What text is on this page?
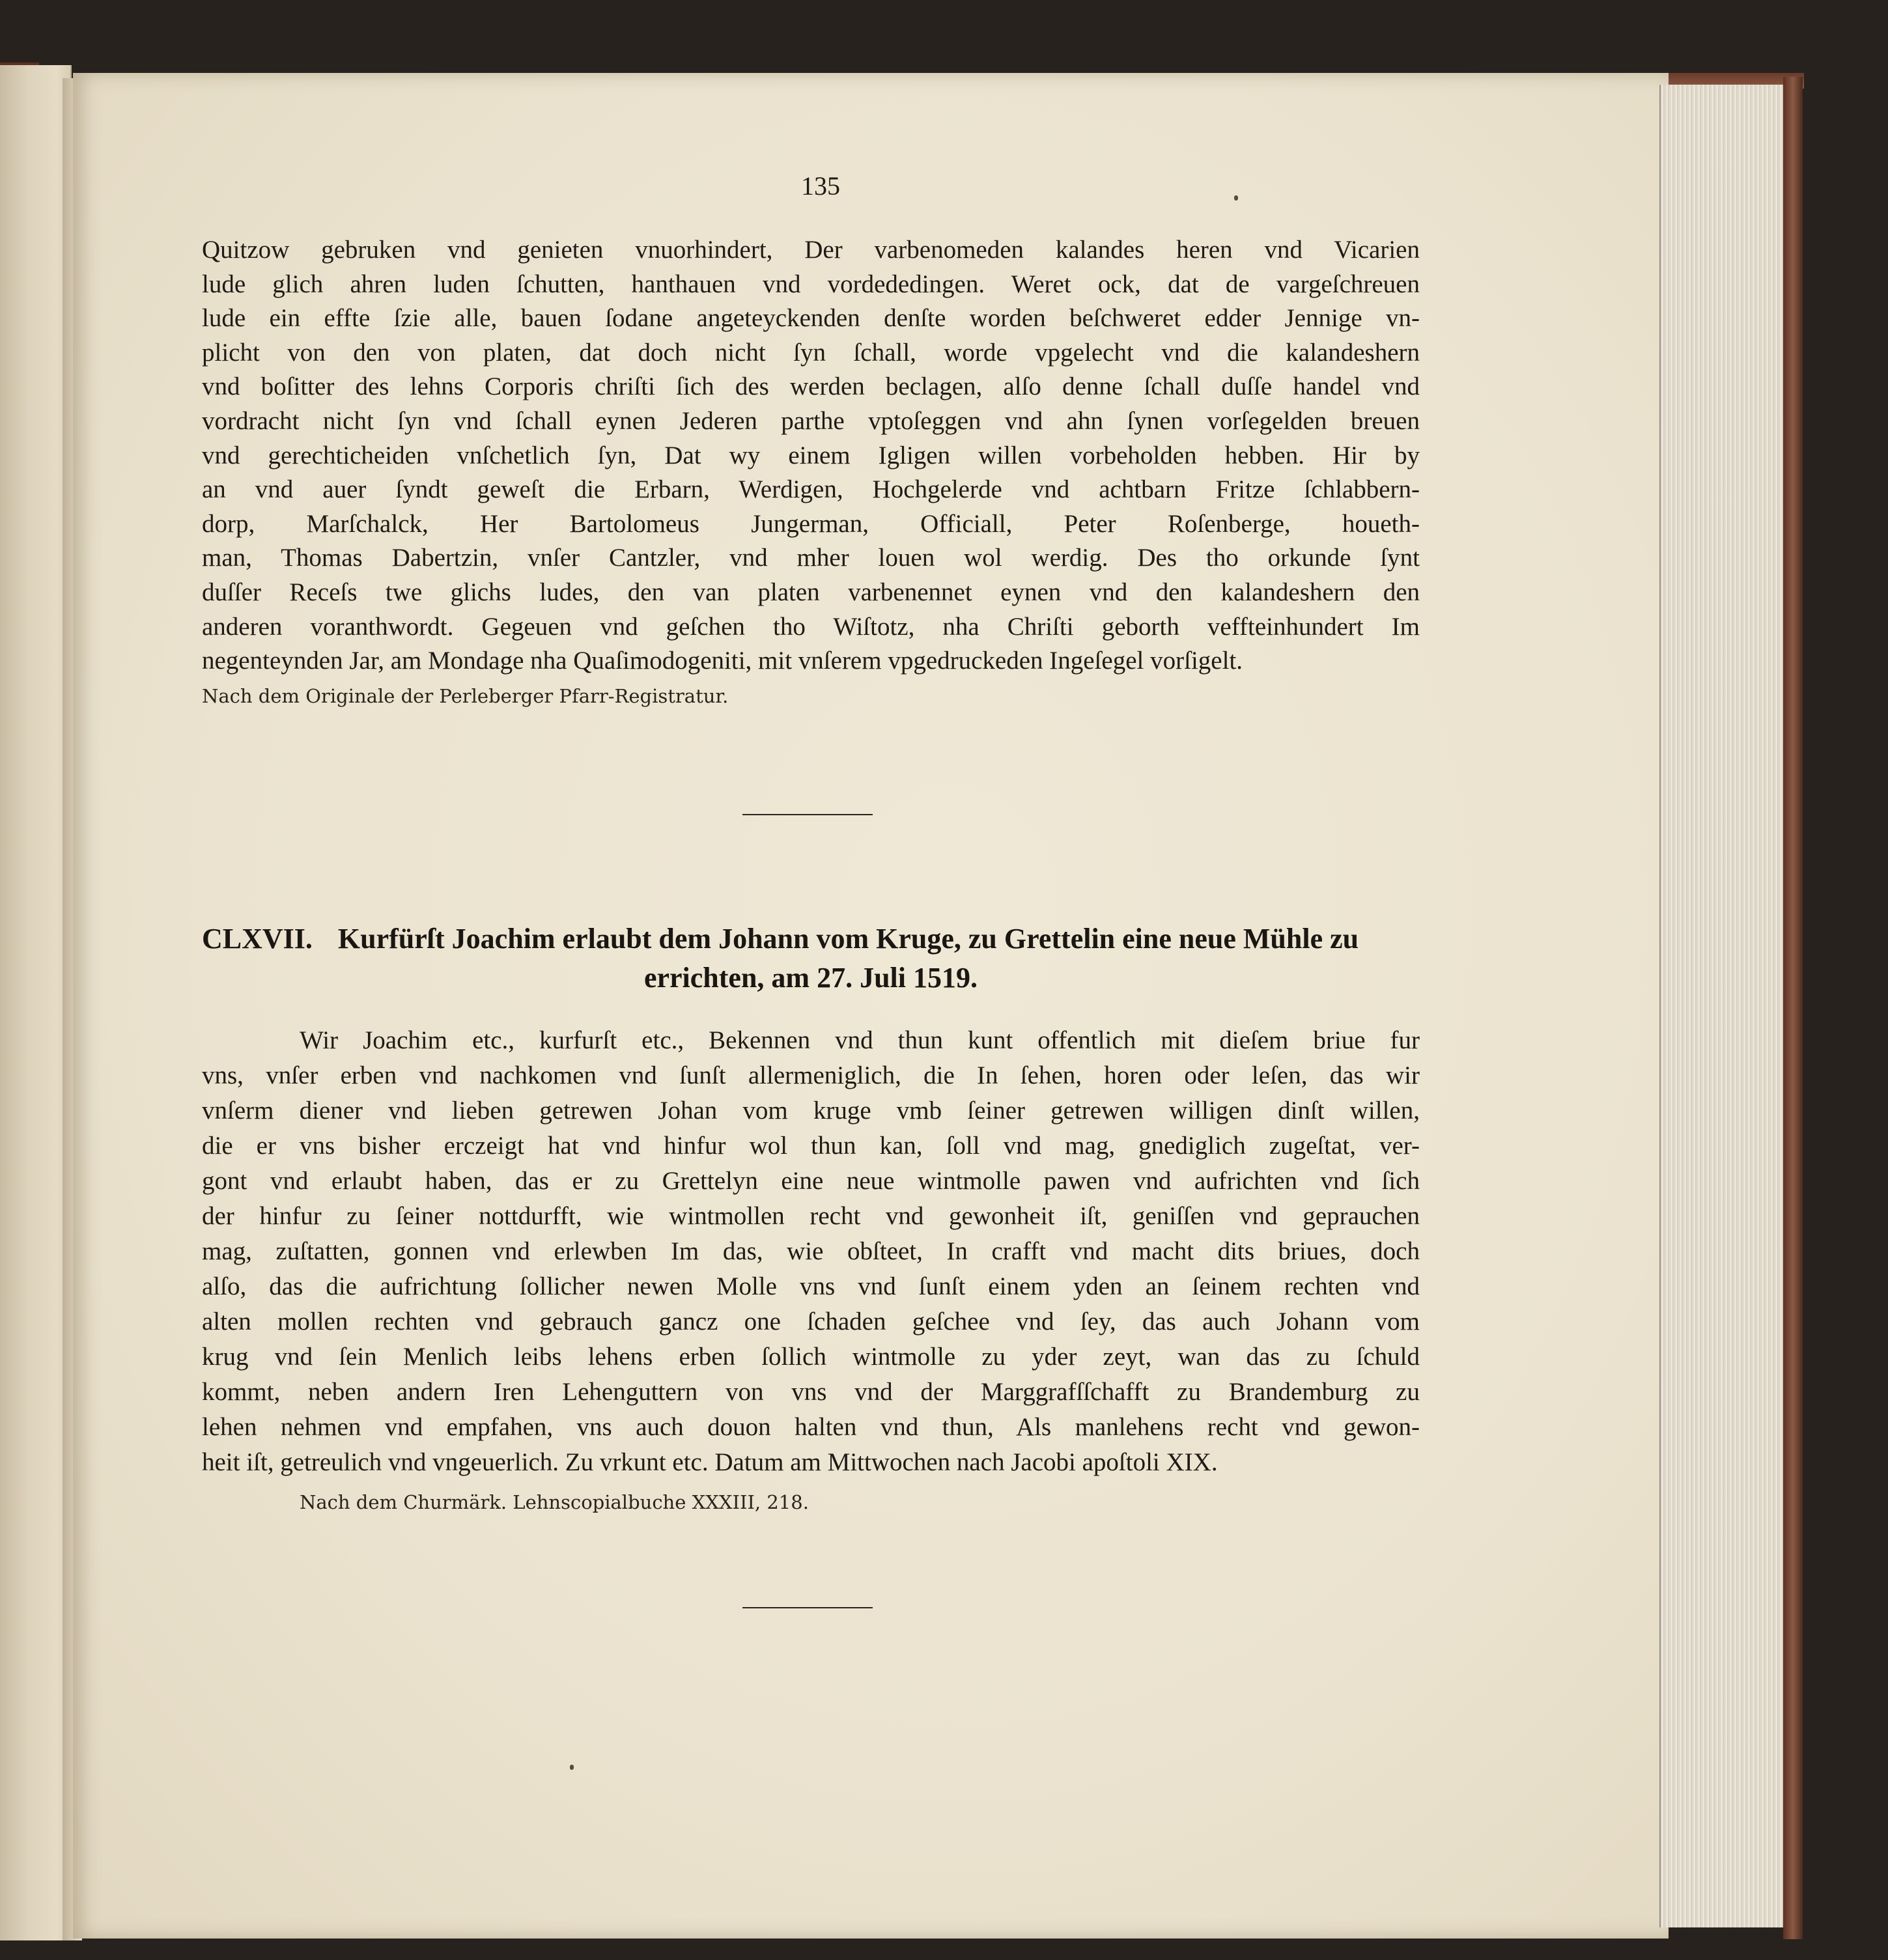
135
Nach dem Originale der Perleberger Pfarr-Registratur.
CLXVII. Kurfürſt Joachim erlaubt dem Johann vom Kruge, zu Grettelin eine neue Mühle zu
errichten, am 27. Juli 1519.
Nach dem Churmärk. Lehnscopialbuche XXXIII, 218.
Quitzow gebruken vnd genieten vnuorhindert, Der varbenomeden kalandes heren vnd Vicarien
lude glich ahren luden ſchutten, hanthauen vnd vordededingen. Weret ock, dat de vargeſchreuen
lude ein effte ſzie alle, bauen ſodane angeteyckenden denſte worden beſchweret edder Jennige vn-
plicht von den von platen, dat doch nicht ſyn ſchall, worde vpgelecht vnd die kalandeshern
vnd boſitter des lehns Corporis chriſti ſich des werden beclagen, alſo denne ſchall duſſe handel vnd
vordracht nicht ſyn vnd ſchall eynen Jederen parthe vptoſeggen vnd ahn ſynen vorſegelden breuen
vnd gerechticheiden vnſchetlich ſyn, Dat wy einem Igligen willen vorbeholden hebben. Hir by
an vnd auer ſyndt geweſt die Erbarn, Werdigen, Hochgelerde vnd achtbarn Fritze ſchlabbern-
dorp, Marſchalck, Her Bartolomeus Jungerman, Officiall, Peter Roſenberge, houeth-
man, Thomas Dabertzin, vnſer Cantzler, vnd mher louen wol werdig. Des tho orkunde ſynt
duſſer Receſs twe glichs ludes, den van platen varbenennet eynen vnd den kalandeshern den
anderen voranthwordt. Gegeuen vnd geſchen tho Wiſtotz, nha Chriſti geborth veffteinhundert Im
negenteynden Jar, am Mondage nha Quaſimodogeniti, mit vnſerem vpgedruckeden Ingeſegel vorſigelt.
Wir Joachim etc., kurfurſt etc., Bekennen vnd thun kunt offentlich mit dieſem briue fur
vns, vnſer erben vnd nachkomen vnd ſunſt allermeniglich, die In ſehen, horen oder leſen, das wir
vnſerm diener vnd lieben getrewen Johan vom kruge vmb ſeiner getrewen willigen dinſt willen,
die er vns bisher erczeigt hat vnd hinfur wol thun kan, ſoll vnd mag, gnediglich zugeſtat, ver-
gont vnd erlaubt haben, das er zu Grettelyn eine neue wintmolle pawen vnd aufrichten vnd ſich
der hinfur zu ſeiner nottdurfft, wie wintmollen recht vnd gewonheit iſt, geniſſen vnd geprauchen
mag, zuſtatten, gonnen vnd erlewben Im das, wie obſteet, In crafft vnd macht dits briues, doch
alſo, das die aufrichtung ſollicher newen Molle vns vnd ſunſt einem yden an ſeinem rechten vnd
alten mollen rechten vnd gebrauch gancz one ſchaden geſchee vnd ſey, das auch Johann vom
krug vnd ſein Menlich leibs lehens erben ſollich wintmolle zu yder zeyt, wan das zu ſchuld
kommt, neben andern Iren Lehenguttern von vns vnd der Marggrafſſchafft zu Brandemburg zu
lehen nehmen vnd empfahen, vns auch douon halten vnd thun, Als manlehens recht vnd gewon-
heit iſt, getreulich vnd vngeuerlich. Zu vrkunt etc. Datum am Mittwochen nach Jacobi apoſtoli XIX.
